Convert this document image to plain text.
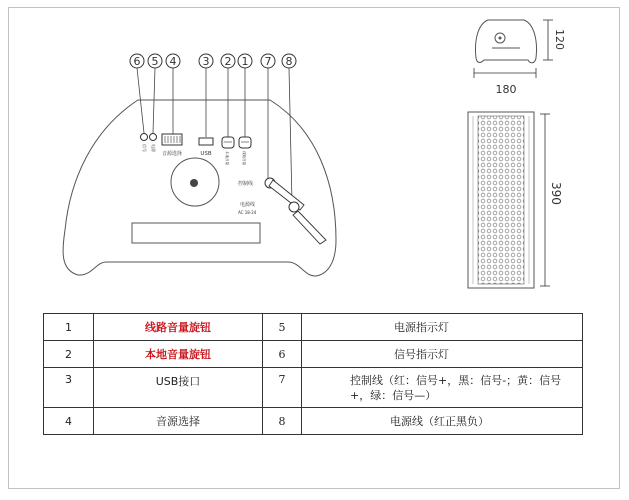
6 5 4 3 2 1 7 8
信号 电源
音源选择	USB	本地音量	线路音量
控制线
电源线
AC 18-24
120
180
390
1	线路音量旋钮	5	电源指示灯

2	本地音量旋钮	6	信号指示灯

3	USB接口	7	控制线（红：信号+，黑：信号-；黄：信号+，绿：信号—）

4	音源选择	8	电源线（红正黑负）
